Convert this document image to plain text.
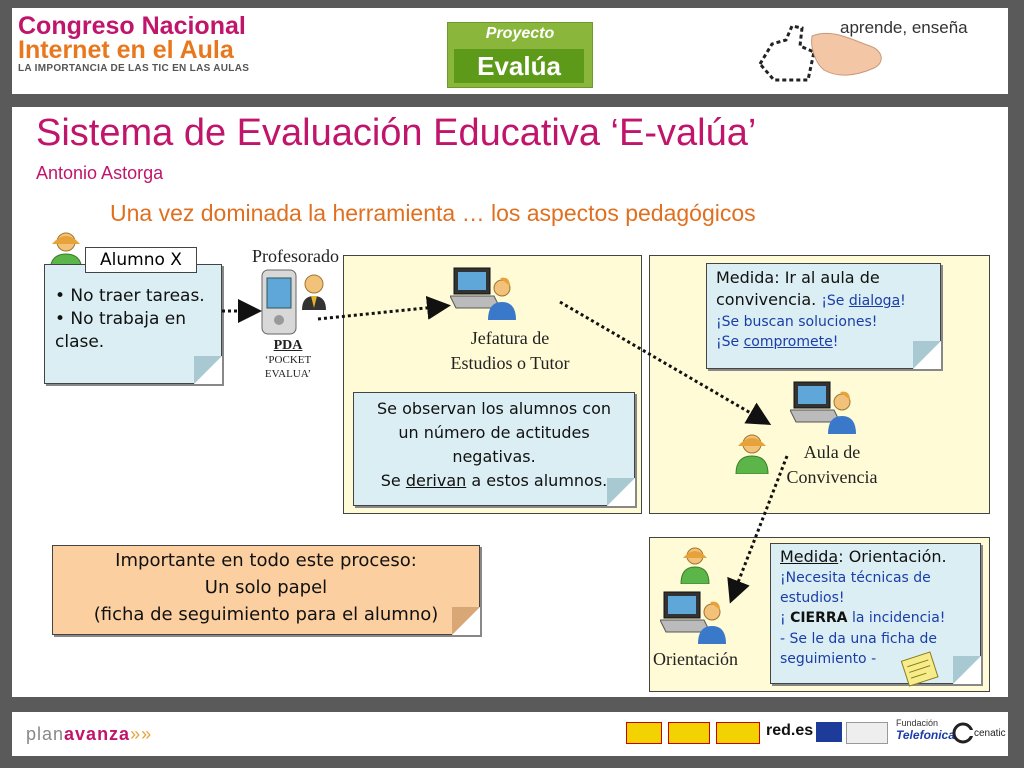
Congreso Nacional
Internet en el Aula
LA IMPORTANCIA DE LAS TIC EN LAS AULAS
Proyecto
Evalúa
aprende, enseña
Sistema de Evaluación Educativa ‘E-valúa’
Antonio Astorga
Una vez dominada la herramienta … los aspectos pedagógicos
• No traer tareas.
• No trabaja en clase.
Alumno X	Profesorado
PDA
‘POCKET
EVALUA’
Jefatura de
Estudios o Tutor
Se observan los alumnos con
un número de actitudes
negativas.
Se derivan a estos alumnos.
Medida: Ir al aula de
convivencia. ¡Se dialoga!
¡Se buscan soluciones!
¡Se compromete!
Aula de
Convivencia
Importante en todo este proceso:
Un solo papel
(ficha de seguimiento para el alumno)
Orientación
Medida: Orientación.
¡Necesita técnicas de
estudios!
¡ CIERRA la incidencia!
- Se le da una ficha de
seguimiento -
planavanza»»	red.es	Fundación
Telefonica cenatic
